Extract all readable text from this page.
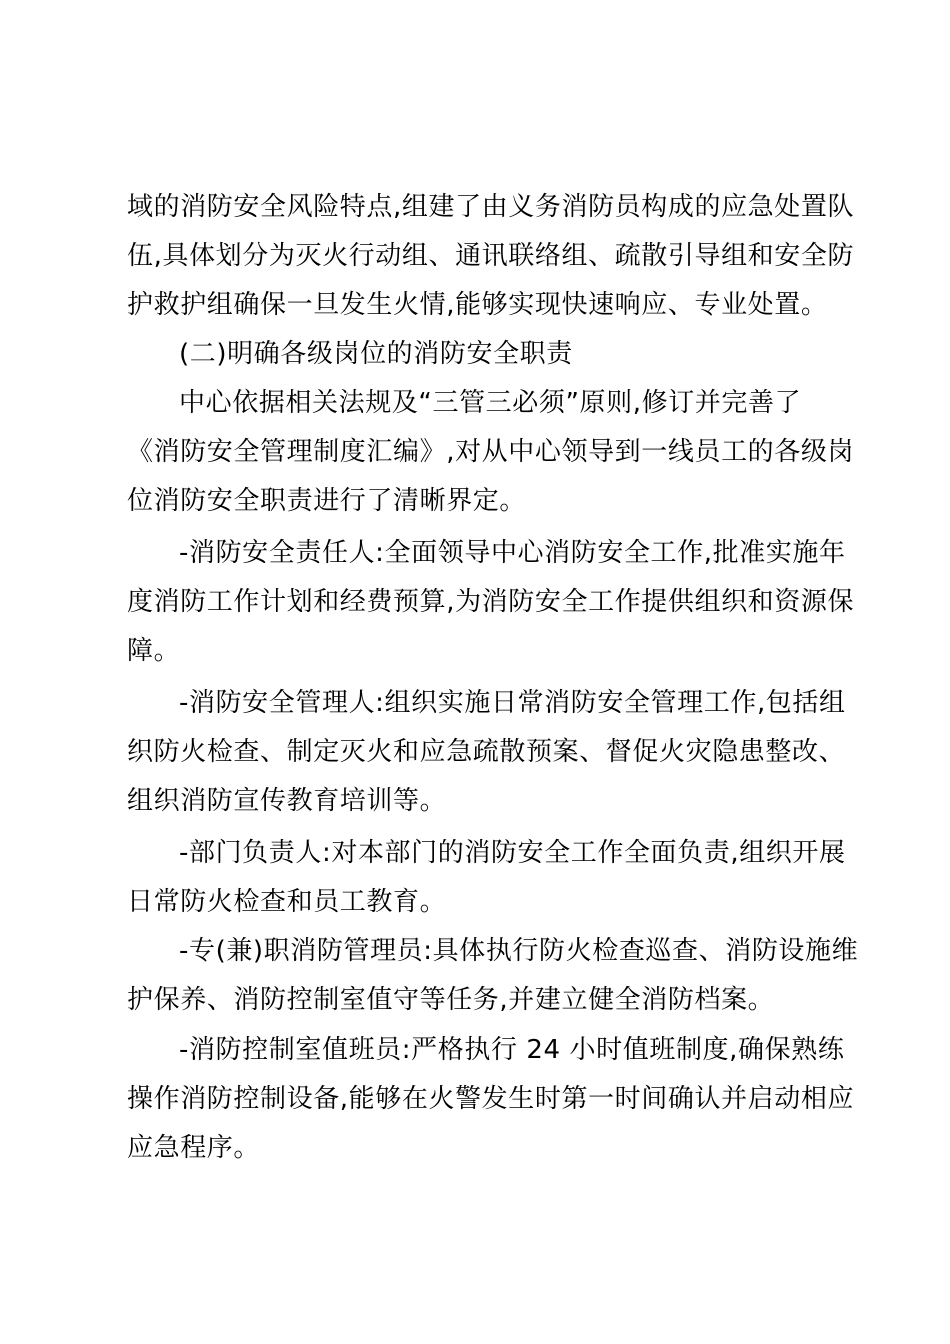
域的消防安全风险特点,组建了由义务消防员构成的应急处置队
伍,具体划分为灭火行动组、通讯联络组、疏散引导组和安全防
护救护组确保一旦发生火情,能够实现快速响应、专业处置。
(二)明确各级岗位的消防安全职责
中心依据相关法规及“三管三必须”原则,修订并完善了
《消防安全管理制度汇编》,对从中心领导到一线员工的各级岗
位消防安全职责进行了清晰界定。
-消防安全责任人:全面领导中心消防安全工作,批准实施年
度消防工作计划和经费预算,为消防安全工作提供组织和资源保
障。
-消防安全管理人:组织实施日常消防安全管理工作,包括组
织防火检查、制定灭火和应急疏散预案、督促火灾隐患整改、
组织消防宣传教育培训等。
-部门负责人:对本部门的消防安全工作全面负责,组织开展
日常防火检查和员工教育。
-专(兼)职消防管理员:具体执行防火检查巡查、消防设施维
护保养、消防控制室值守等任务,并建立健全消防档案。
-消防控制室值班员:严格执行 24 小时值班制度,确保熟练
操作消防控制设备,能够在火警发生时第一时间确认并启动相应
应急程序。
